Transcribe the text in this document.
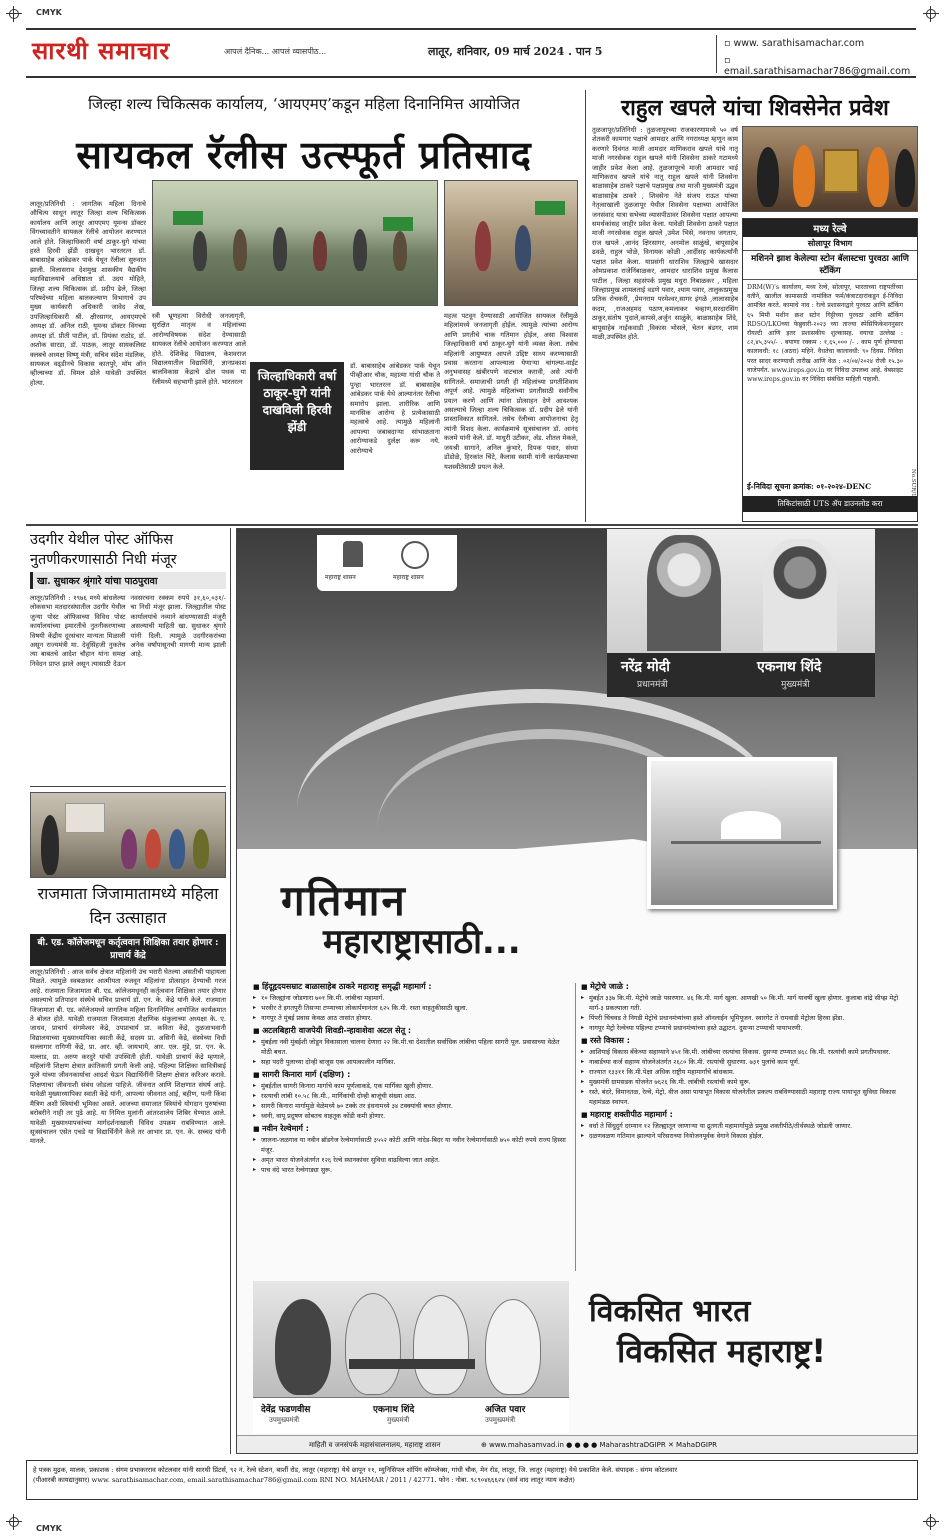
CMYK
CMYK
सारथी समाचार	आपलं दैनिक... आपलं व्यासपीठ...	लातूर, शनिवार, 09 मार्च 2024 . पान 5
▫ www. sarathisamachar.com
▫ email.sarathisamachar786@gmail.com
जिल्हा शल्य चिकित्सक कार्यालय, ‘आयएमए’कडून महिला दिनानिमित्त आयोजित
सायकल रॅलीस उत्स्फूर्त प्रतिसाद
लातूर/प्रतिनिधी : जागतिक महिला दिनाचे औचित्य साधून लातूर जिल्हा शल्य चिकित्सक कार्यालय आणि लातूर आयएमए यूमन्स डॉक्टर विंगच्यावतीने सायकल रॅलीचे आयोजन करण्यात आले होते. जिल्हाधिकारी वर्षा ठाकूर-घुगे यांच्या हस्ते हिरवी झेंडी दाखवून भारतरत्न डॉ. बाबासाहेब आंबेडकर पार्क येथून रॅलीला सुरुवात झाली. विलासराव देशमुख शासकीय वैद्यकीय महाविद्यालयाचे अधिष्ठाता डॉ. उदय मोहिते, जिल्हा शल्य चिकित्सक डॉ. प्रदीप ढेले, जिल्हा परिषदेच्या महिला बालकल्याण विभागाचे उप मुख्य कार्यकारी अधिकारी जावेद शेख, उपजिल्हाधिकारी श्री. क्षीरसागर, आयएमएचे अध्यक्ष डॉ. अनिल राठी, यूमन्स डॉक्टर विंगच्या अध्यक्ष डॉ. प्रीती पाटील, डॉ. प्रियंका राठोड, डॉ. अशोक सारडा, डॉ. पाठक, लातूर सायकलिस्ट क्लबचे अध्यक्ष विष्णू मंत्री, सचिव संदेश मंडलिक, सायकल वढ्डीनचे विकास कातपुरे, मॉम ऑन व्हील्सच्या डॉ. विमल ढोले यावेळी उपस्थित होत्या.
स्त्री भ्रूणहत्या विरोधी जनजागृती, सुरक्षित मातृत्व व महिलांच्या आरोग्यविषयक संदेश देण्यासाठी सायकल रॅलीचे आयोजन करण्यात आले होते. देशिकेंद्र विद्यालय, केशवराज विद्यालयातील विद्यार्थिनी, ज्ञानप्रकाश बालविकास केंद्राचे ढोल पथक या रॅलीमध्ये सहभागी झाले होते. भारतरत्न	जिल्हाधिकारी वर्षा ठाकूर-घुगे यांनी दाखविली हिरवी झेंडी
डॉ. बाबासाहेब आंबेडकर पार्क येथून पीव्हीआर चौक, महात्मा गांधी चौक ते पुन्हा भारतरत्न डॉ. बाबासाहेब आंबेडकर पार्क येथे आल्यानंतर रॅलीचा समारोप झाला. शारीरिक आणि मानसिक आरोग्य हे प्रत्येकासाठी महत्वाचे आहे. त्यामुळे महिलांनी आपल्या जबाबदाऱ्या सांभाळताना आरोग्याकडे दुर्लक्ष करू नये. आरोग्याचे
महत्व पटवून देण्यासाठी आयोजित सायकल रॅलीमुळे महिलांमध्ये जनजागृती होईल. त्यामुळे त्यांच्या आरोग्य आणि प्रगतीचे चाक गतिमान होईल, असा विश्वास जिल्हाधिकारी वर्षा ठाकूर-घुगे यांनी व्यक्त केला. तसेच महिलांनी आयुष्यात आपले उद्दिष्ट साध्य करण्यासाठी प्रवास करताना आपल्याला येणाऱ्या चांगल्या-वाईट अनुभवासह खंबीरपणे वाटचाल करावी, असे त्यांनी सांगितले. समाजाची प्रगती ही महिलांच्या प्रगतीशिवाय अपूर्ण आहे. त्यामुळे महिलांच्या प्रगतीसाठी सर्वांनीच प्रयत्न करणे आणि त्यांना प्रोत्साहन देणे आवश्यक असल्याचे जिल्हा शल्य चिकित्सक डॉ. प्रदीप ढेले यांनी प्रास्ताविकात सांगितले. तसेच रॅलीच्या आयोजनाचा हेतू त्यांनी विशद केला. कार्यक्रमाचे सूत्रसंचालन डॉ. आनंद कलमे यांनी केले. डॉ. माधुरी उटीकर, ॲड. शीतल मेकले, जयश्री सागाने, अनिल कुंभारे, दिपक पवार, संध्या डोंडोळे, हिरकांत चिंटे, कैलास स्वामी यांनी कार्यक्रमाच्या यशस्वीतेसाठी प्रयत्न केले.
राहुल खपले यांचा शिवसेनेत प्रवेश
तुळजापूर/प्रतिनिधी : तुळजापूरच्या राजकारणामध्ये ५० वर्ष शेतकरी कामगार पक्षाचे आमदार आणि नगराध्यक्ष म्हणून काम करणारे दिवंगत माजी आमदार माणिकराव खपले यांचे नातू माजी नगरसेवक राहुल खपले यांनी शिवसेना ठाकरे गटामध्ये जाहीर प्रवेश केला आहे. तुळजापूरचे माजी आमदार भाई माणिकराव खपले यांचे नातू राहुल खपले यांनी शिवसेना बाळासाहेब ठाकरे पक्षाचे पक्षप्रमुख तथा माजी मुख्यमंत्री उद्धव बाळासाहेब ठाकरे , शिवसेना नेते संजय राऊत यांच्या नेतृत्वाखाली तुळजापूर येथील शिवसेना पक्षाच्या आयोजित जनसंवाद यात्रा सभेच्या व्यासपीठावर शिवसेना पक्षात आपल्या समर्थकांसह जाहीर प्रवेश केला. यावेळी शिवसेना ठाकरे पक्षात माजी नगरसेवक राहुल खपले ,उमेश भिसे, नवनाथ जगताप, राज खपले ,आनंद क्षिरसागर, अनमोल साळुंखे, बापूसाहेब ढवळे, राहुल भोळे, विनायक कोळी ,आदींसह कार्यकर्त्यांनी पक्षात प्रवेश केला. याप्रसंगी धाराशिव जिल्ह्याचे खासदार ओमप्रकाश राजेनिंबाळकर, आमदार धाराशिव प्रमुख कैलास पाटील , जिल्हा सहसंपर्क प्रमुख मधुरा निबाळकर , महिला जिल्हाप्रमुख शामलताई वडणे पवार, श्याम पवार, तालुकाप्रमुख प्रतिक रोचकरी, ,प्रेमनराम परमेश्वर,सागर इंगळे ,लालासाहेब कदम, ,राजअहमद पठाण,कमलाकर चव्हाण,सरदारसिंग ठाकूर,संतोष पुदाले,कापसे,अर्जुन साळुंके, बाळासाहेब शिंदे, बापूसाहेब नाईकवाडी ,विकास भोसले, चेतन बंडगर, शाम माळी,उपस्थित होते.
मध्य रेल्वे
सोलापूर विभाग
मशिनने झाश केलेल्या स्टोन बॅलास्टचा पुरवठा आणि स्टॅकिंग
DRM(W)'s कार्यालय, मध्य रेल्वे, सोलापूर, भारताच्या राष्ट्रपतींच्या वतीने, खालील कामासाठी नामांकित फर्म/कंत्राटदारांकडून ई-निविदा आमंत्रित करते. कामाचे नाव : रेल्वे प्रशासनाद्वारे पुरवठा आणि स्टॅकिंग ६५ मिमी मशीन क्रश स्टोन गिट्टीच्या पुरवठा आणि स्टॅकिंग RDSO/LKOच्या फेब्रुवारी-२०२३ च्या ताज्या स्पेसिफिकेशननुसार रॉयल्टी आणि इतर प्रशासकीय शुल्कासह. वयाचा उल्लेख : ८२,४५,३५५/- . बयाणा रक्कम : १,६५,००० /- . काम पूर्ण होण्याचा कालावधी: १८ (अठरा) महिने. वैधतेचा कालावधी: ९० दिवस. निविदा परत सादर करण्याची तारीख आणि वेळ : ०२/०४/२०२४ रोजी १५.३० वाजेपर्यंत. www.ireps.gov.in वर निविदा उपलब्ध आहे. वेबसाइट www.ireps.gov.in वर निविदा संबंधित माहिती पाहावी.
ई-निविदा सूचना क्रमांक: ०१-२०२४-DENC
तिकिटांसाठी UTS ॲप डाउनलोड करा
No.SUR/11
उदगीर येथील पोस्ट ऑफिस नुतणीकरणासाठी निधी मंजूर
खा. सुधाकर श्रृंगारे यांचा पाठपुरावा
लातूर/प्रतिनिधी : १९७६ मध्ये बांधलेल्या लोकसभा मतदारसंघातील उदगीर येथील जुन्या पोस्ट ऑफिसच्या विविध पोस्ट कार्यालयांच्या इमारतीचे नुतनीकरणाच्या विषयी केंद्रीय दूरसंचार मान्यता मिळाली असून राज्यमंत्री मा. देवूसिंहजी नुकतेच त्या बाबतचे आदेश चौहान यांना समक्ष निवेदन प्राप्त झाले असून त्यासाठी देऊन नवसरचना रक्कम रुपये ३१,६०,०३१/- चा निधी मंजूर झाला. जिल्ह्यातील पोस्ट कार्यालयांचे नव्याने बांधण्यासाठी मंजुरी असल्याची माहिती खा. सुधाकर श्रृंगारे यांनी दिली. त्यामुळे उदगीरकरांच्या अनेक वर्षांपासूनची मागणी मान्य झाली आहे.
राजमाता जिजामातामध्ये महिला दिन उत्साहात
बी. एड. कॉलेजमधून कर्तृत्ववान शिक्षिका तयार होणार : प्राचार्य केंद्रे
लातूर/प्रतिनिधी : आज सर्वच क्षेत्रात महिलांनी उंच भरारी घेतल्या असतीची पाहायला मिळते. त्यामुळे स्वबळावर आत्मीयता रुजवून महिलांना प्रोत्साहन देण्याची गरज आहे. राजमाता जिजामाता बी. एड. कॉलेजमधूनही कर्तृत्ववान शिक्षिका तयार होणार असल्याचे प्रतिपादन संस्थेचे सचिव प्राचार्य डॉ. एन. के. केंद्रे यांनी केले. राजमाता जिजामाता बी. एड. कॉलेजमध्ये जागतिक महिला दिनानिमित्त आयोजित कार्यक्रमात ते बोलत होते. यावेळी राजमाता जिजामाता शैक्षणिक संकुलाच्या अध्यक्षा के. ए. जाधव, प्राचार्य संगमेश्वर केंद्रे, उपप्राचार्य प्रा. कविता केंद्रे, तुळजाभवानी विद्यालयाच्या मुख्याध्यापिका स्वाती केंद्रे, सदस्य प्रा. असिनी केंद्रे, संस्थेच्या विधी सल्लागार रागिणी केंद्रे, प्रा. आर. व्ही. जायभाये, आर. एल. मुंडे, प्रा. एन. के. मल्लाड, प्रा. अरुण करदुरे यांची उपस्थिती होती. यावेळी प्राचार्य केंद्रे म्हणाले, महिलांनी शिक्षण क्षेत्रात क्रांतिकारी प्रगती केली आहे. पहिल्या शिक्षिका सावित्रीबाई फुले यांच्या जीवनकार्याचा आदर्श घेऊन विद्यार्थिनींनी शिक्षण क्षेत्रात करिअर करावे. शिक्षणाचा जीवनाशी संबंध जोडला पाहिजे. जीवनात आणि शिक्षणात संघर्ष आहे. यावेळी मुख्याध्यापिका स्वाती केंद्रे यांनी, आपल्या जीवनात आई, बहीण, पत्नी किंवा मैत्रिण अशी स्त्रियांची भूमिका असते. आजच्या समाजात स्त्रियांचे योगदान पुरुषांच्या बरोबरीने नाही तर पुढे आहे. या निमित्त मुलांनी आंतरशालेय शिबिर घेण्यात आले. यावेळी मुख्याध्यापकांच्या मार्गदर्शनाखाली विविध उपक्रम राबविण्यात आले. सूत्रसंचालन एसेत एचडे या विद्यार्थिनीने केले तर आभार प्रा. एन. के. सच्चद यांनी मानले.
महाराष्ट्र शासन	महाराष्ट्र शासन
नरेंद्र मोदी
प्रधानमंत्री
एकनाथ शिंदे
मुख्यमंत्री
गतिमान
महाराष्ट्रासाठी...
■ हिंदूहृदयसम्राट बाळासाहेब ठाकरे महाराष्ट्र समृद्धी महामार्ग :
▸ १० जिल्ह्यांना जोडणारा ७०१ कि.मी. लांबीचा महामार्ग.
▸ भरवीर ते इगतपुरी तिसऱ्या टप्प्याच्या लोकार्पणानंतर ६२५ कि.मी. रस्ता वाहतुकीसाठी खुला.
▸ नागपूर ते मुंबई प्रवास केवळ आठ तासांत होणार.
■ अटलबिहारी वाजपेयी शिवडी-न्हावाशेवा अटल सेतू :
▸ मुंबईला नवी मुंबईशी जोडून विकासाला चालना देणारा २२ कि.मी.चा देशातील सर्वाधिक लांबीचा पहिला सागरी पूल. प्रवासाच्या वेळेत मोठी बचत.
▸ सहा पदरी पुलाच्या दोन्ही बाजूस एक आपत्कालीन मार्गिका.
■ सागरी किनारा मार्ग (दक्षिण) :
▸ मुंबईतील सागरी किनारा मार्गाचे काम पूर्णत्वाकडे, एक मार्गिका खुली होणार.
▸ रस्त्याची लांबी १०.५८ कि.मी., मार्गिकांची दोन्ही बाजूंची संख्या आठ.
▸ सागरी किनारा मार्गामुळे वेळेमध्ये ७० टक्के तर इंधनामध्ये ३४ टक्क्यांची बचत होणार.
▸ ध्वनी, वायू प्रदूषण सोबतच वाहतूक कोंडी कमी होणार.
■ नवीन रेल्वेमार्ग :
▸ जालना-जळगाव या नवीन ब्रॉडगेज रेल्वेमार्गासाठी ३५५२ कोटी आणि नांदेड-बिदर या नवीन रेल्वेमार्गासाठी ७५० कोटी रुपये राज्य हिस्सा मंजूर.
▸ अमृत भारत योजनेअंतर्गत १२६ रेल्वे स्थानकांवर सुविधा वाढविल्या जात आहेत.
▸ पाच वंदे भारत रेल्वेगाड्या सुरू.
■ मेट्रोचे जाळे :
▸ मुंबईत ३३७ कि.मी. मेट्रोचे जाळे पसरणार. ४६ कि.मी. मार्ग खुला. आणखी ५० कि.मी. मार्ग यावर्षी खुला होणार. कुलाबा वांद्रे सीप्झ मेट्रो मार्ग-३ प्रकल्पाला गती.
▸ पिंपरी चिंचवड ते निगडी मेट्रोचे प्रधानमंत्र्यांच्या हस्ते ऑनलाईन भूमिपूजन. स्वारगेट ते रामवाडी मेट्रोला हिरवा झेंडा.
▸ नागपूर मेट्रो रेल्वेच्या पहिल्या टप्प्याचे प्रधानमंत्र्यांच्या हस्ते उद्घाटन. दुसऱ्या टप्प्याची पायाभरणी.
■ रस्ते विकास :
▸ आशियाई विकास बँकेच्या सहाय्याने ४५१ कि.मी. लांबीच्या रस्त्यांचा विकास. दुसऱ्या टप्प्यात ४६८ कि.मी. रस्त्यांची कामे प्रगतीपथावर.
▸ नाबार्डच्या कर्ज सहाय्य योजनेअंतर्गत २६८० कि.मी. रस्त्यांची सुधारणा. ७३१ पुलांचे काम पूर्ण.
▸ राज्यात १३३११ कि.मी.पेक्षा अधिक राष्ट्रीय महामार्गांचे बांधकाम.
▸ मुख्यमंत्री ग्रामसडक योजनेत ७६२६ कि.मी. लांबीची रस्त्यांची कामे सुरू.
▸ रस्ते, बंदरे, विमानतळ, रेल्वे, मेट्रो, वीज असा पायाभूत विकास योजनेतील प्रकल्प राबविण्यासाठी महाराष्ट्र राज्य पायाभूत सुविधा विकास महामंडळ स्थापन.
■ महाराष्ट्र शक्तीपीठ महामार्ग :
▸ वर्धा ते सिंधुदुर्ग दरम्यान १२ जिल्ह्यातून जाणाऱ्या या द्रुतगती महामार्गामुळे प्रमुख शक्तीपीठे/तीर्थस्थळे जोडली जाणार.
▸ दळणवळण गतिमान झाल्याने परिसराच्या नियोजनपूर्वक वेगाने विकास होईल.
विकसित भारत
विकसित महाराष्ट्र!
देवेंद्र फडणवीस
उपमुख्यमंत्री
एकनाथ शिंदे
मुख्यमंत्री
अजित पवार
उपमुख्यमंत्री
माहिती व जनसंपर्क महासंचालनालय, महाराष्ट्र शासन	⊕ www.mahasamvad.in ● ● ● ● MaharashtraDGIPR ✕ MahaDGIPR
हे पत्रक मुद्रक, मालक, प्रकाशक : संगम प्रभाकरराव कोटलवार यांनी सारथी प्रिंटर्स, ९२ नं. रेल्वे स्टेशन, बार्शी रोड, लातूर (महाराष्ट्र) येथे छापून ११, म्युनिसिपल शॉपिंग कॉम्प्लेक्स, गांधी चौक, मेन रोड, लातूर, जि. लातूर (महाराष्ट्र) येथे प्रकाशित केले. संपादक : संगम कोटलवार
(पीआरबी कायद्यानुसार) www. sarathisamachar.com, email.sarathisamachar786@gmail.com RNI NO. MAHMAR / 2011 / 42771. फोन : नोबा. ९८९०४६६६२४ (सर्व वाद लातूर न्याय कक्षेत)
